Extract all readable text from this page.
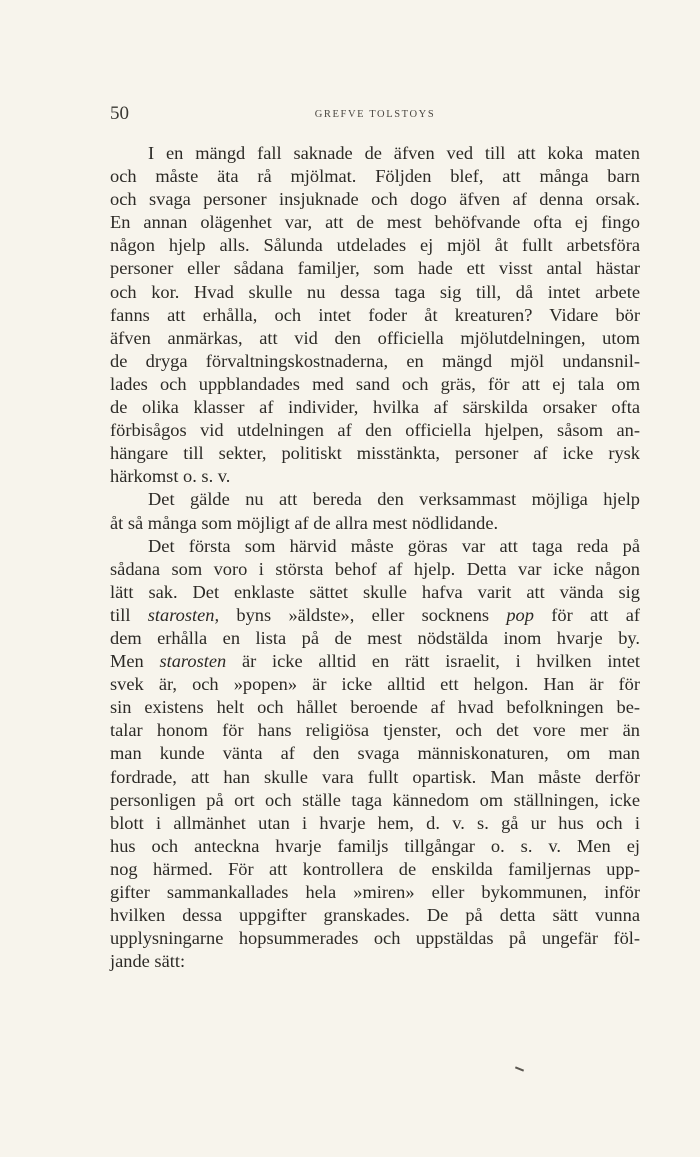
50	GREFVE TOLSTOYS
I en mängd fall saknade de äfven ved till att koka maten
och måste äta rå mjölmat. Följden blef, att många barn
och svaga personer insjuknade och dogo äfven af denna orsak.
En annan olägenhet var, att de mest behöfvande ofta ej fingo
någon hjelp alls. Sålunda utdelades ej mjöl åt fullt arbetsföra
personer eller sådana familjer, som hade ett visst antal hästar
och kor. Hvad skulle nu dessa taga sig till, då intet arbete
fanns att erhålla, och intet foder åt kreaturen? Vidare bör
äfven anmärkas, att vid den officiella mjölutdelningen, utom
de dryga förvaltningskostnaderna, en mängd mjöl undansnil-
lades och uppblandades med sand och gräs, för att ej tala om
de olika klasser af individer, hvilka af särskilda orsaker ofta
förbisågos vid utdelningen af den officiella hjelpen, såsom an-
hängare till sekter, politiskt misstänkta, personer af icke rysk
härkomst o. s. v.
Det gälde nu att bereda den verksammast möjliga hjelp
åt så många som möjligt af de allra mest nödlidande.
Det första som härvid måste göras var att taga reda på
sådana som voro i största behof af hjelp. Detta var icke någon
lätt sak. Det enklaste sättet skulle hafva varit att vända sig
till starosten, byns »äldste», eller socknens pop för att af
dem erhålla en lista på de mest nödstälda inom hvarje by.
Men starosten är icke alltid en rätt israelit, i hvilken intet
svek är, och »popen» är icke alltid ett helgon. Han är för
sin existens helt och hållet beroende af hvad befolkningen be-
talar honom för hans religiösa tjenster, och det vore mer än
man kunde vänta af den svaga människonaturen, om man
fordrade, att han skulle vara fullt opartisk. Man måste derför
personligen på ort och ställe taga kännedom om ställningen, icke
blott i allmänhet utan i hvarje hem, d. v. s. gå ur hus och i
hus och anteckna hvarje familjs tillgångar o. s. v. Men ej
nog härmed. För att kontrollera de enskilda familjernas upp-
gifter sammankallades hela »miren» eller bykommunen, inför
hvilken dessa uppgifter granskades. De på detta sätt vunna
upplysningarne hopsummerades och uppstäldas på ungefär föl-
jande sätt:
